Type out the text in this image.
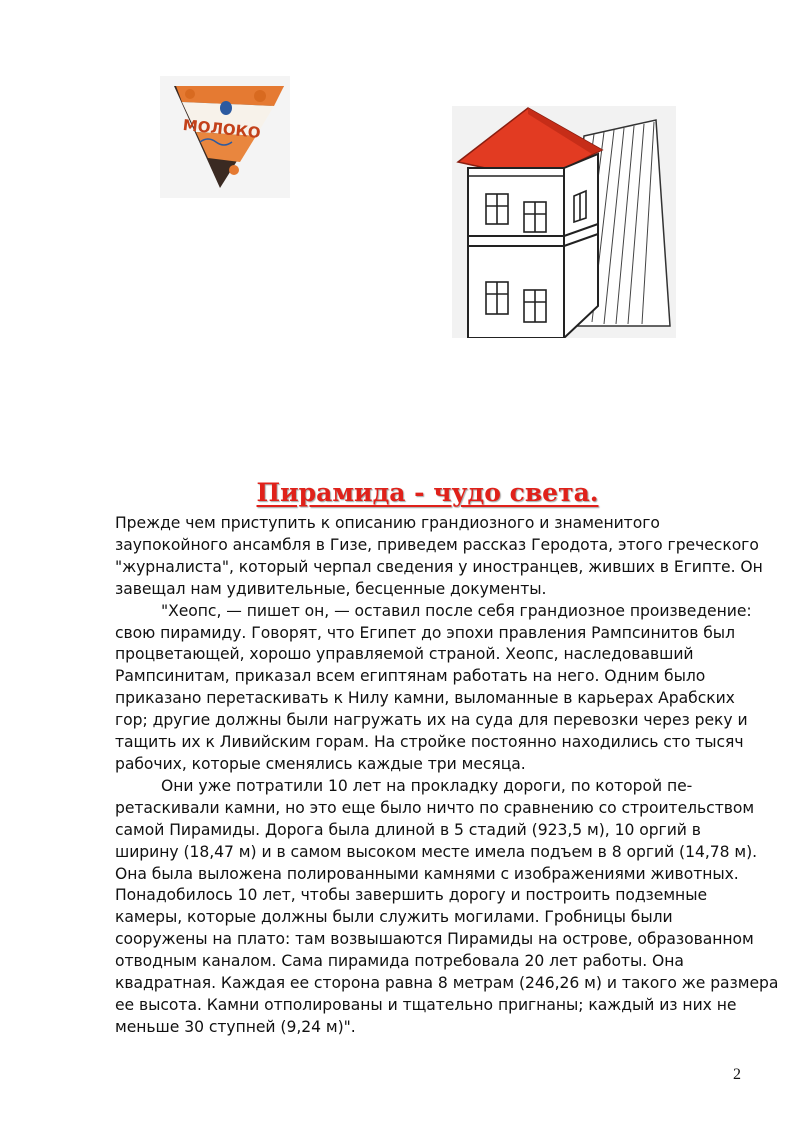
МОЛОКО
Пирамида - чудо света.
Прежде чем приступить к описанию грандиозного и знаменитого
заупокойного ансамбля в Гизе, приведем рассказ Геродота, этого греческого
"журналиста", который черпал сведения у иностранцев, живших в Египте. Он
завещал нам удивительные, бесценные документы.
"Хеопс, — пишет он, — оставил после себя грандиозное произведение:
свою пирамиду. Говорят, что Египет до эпохи правления Рампсинитов был
процветающей, хорошо управляемой страной. Хеопс, наследовавший
Рампсинитам, приказал всем египтянам работать на него. Одним было
приказано перетаскивать к Нилу камни, выломанные в карьерах Арабских
гор; другие должны были нагружать их на суда для перевозки через реку и
тащить их к Ливийским горам. На стройке постоянно находились сто тысяч
рабочих, которые сменялись каждые три месяца.
Они уже потратили 10 лет на прокладку дороги, по которой пе-
ретаскивали камни, но это еще было ничто по сравнению со строительством
самой Пирамиды. Дорога была длиной в 5 стадий (923,5 м), 10 оргий в
ширину (18,47 м) и в самом высоком месте имела подъем в 8 оргий (14,78 м).
Она была выложена полированными камнями с изображениями животных.
Понадобилось 10 лет, чтобы завершить дорогу и построить подземные
камеры, которые должны были служить могилами. Гробницы были
сооружены на плато: там возвышаются Пирамиды на острове, образованном
отводным каналом. Сама пирамида потребовала 20 лет работы. Она
квадратная. Каждая ее сторона равна 8 метрам (246,26 м) и такого же размера
ее высота. Камни отполированы и тщательно пригнаны; каждый из них не
меньше 30 ступней (9,24 м)".
2
